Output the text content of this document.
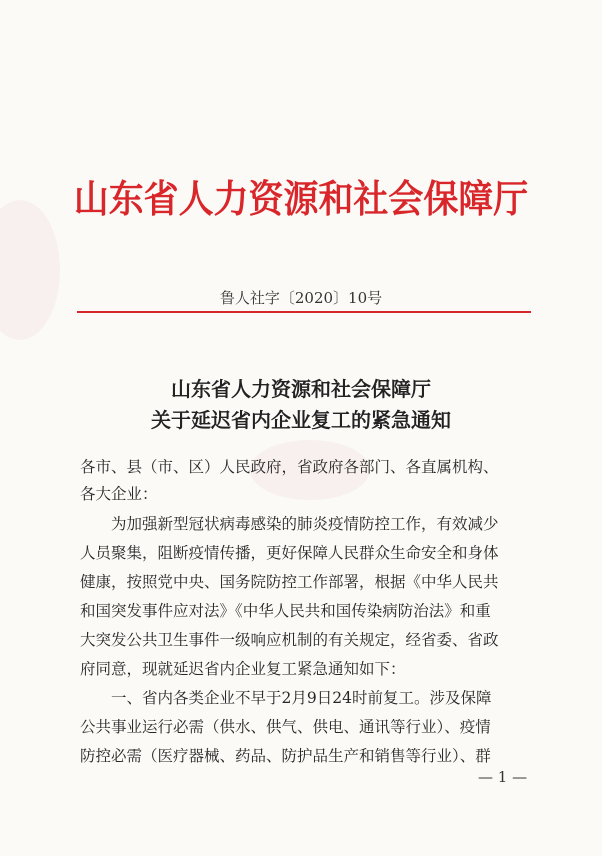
山东省人力资源和社会保障厅
鲁人社字〔2020〕10号
山东省人力资源和社会保障厅
关于延迟省内企业复工的紧急通知
各市、县（市、区）人民政府，省政府各部门、各直属机构、
各大企业：
　　为加强新型冠状病毒感染的肺炎疫情防控工作，有效减少
人员聚集，阻断疫情传播，更好保障人民群众生命安全和身体
健康，按照党中央、国务院防控工作部署，根据《中华人民共
和国突发事件应对法》《中华人民共和国传染病防治法》和重
大突发公共卫生事件一级响应机制的有关规定，经省委、省政
府同意，现就延迟省内企业复工紧急通知如下：
　　一、省内各类企业不早于2月9日24时前复工。涉及保障
公共事业运行必需（供水、供气、供电、通讯等行业）、疫情
防控必需（医疗器械、药品、防护品生产和销售等行业）、群
— 1 —
